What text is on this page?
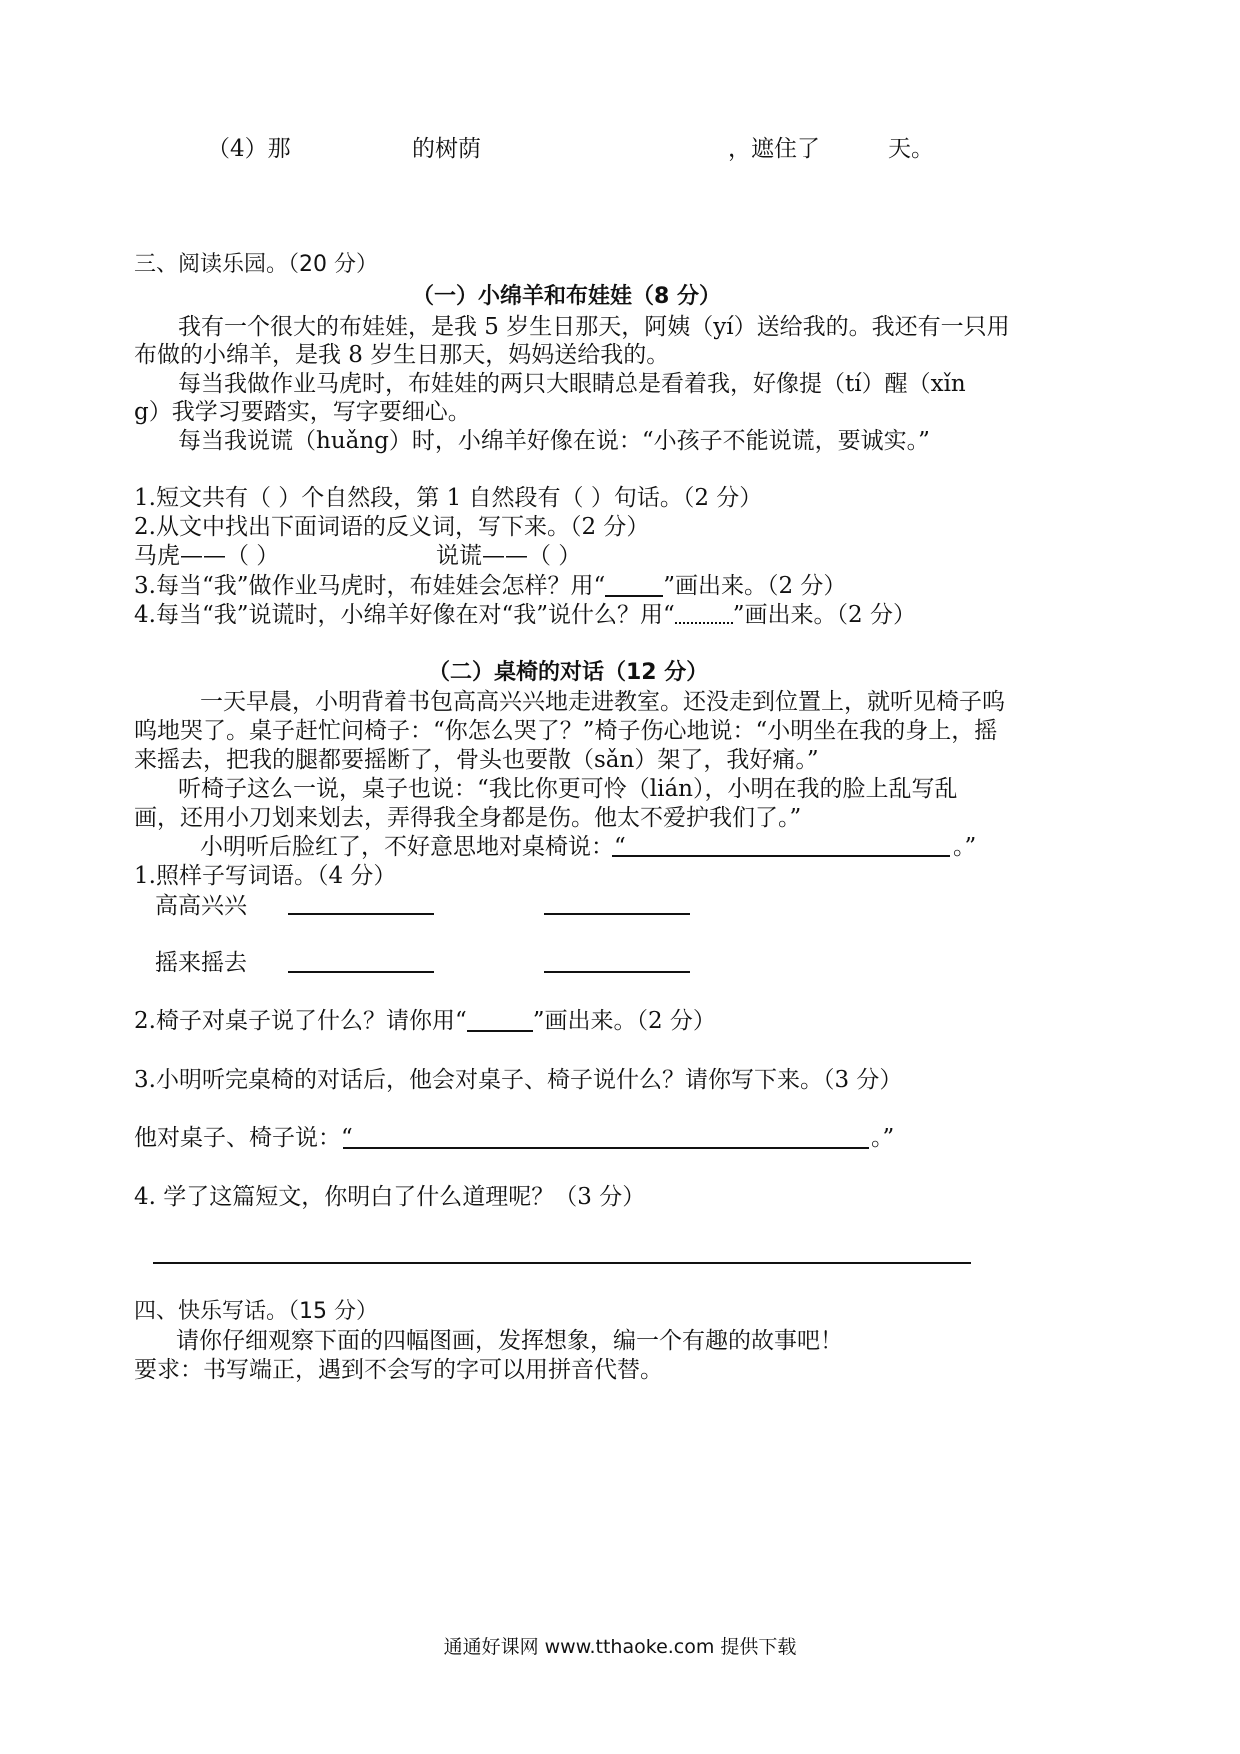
（4）那	的树荫	，遮住了	天。
三、阅读乐园。（20 分）
（一）小绵羊和布娃娃（8 分）
我有一个很大的布娃娃，是我 5 岁生日那天，阿姨（yí）送给我的。我还有一只用
布做的小绵羊，是我 8 岁生日那天，妈妈送给我的。
每当我做作业马虎时，布娃娃的两只大眼睛总是看着我，好像提（tí）醒（xǐn
g）我学习要踏实，写字要细心。
每当我说谎（huǎng）时，小绵羊好像在说：“小孩子不能说谎，要诚实。”
1.短文共有（ ）个自然段，第 1 自然段有（ ）句话。（2 分）
2.从文中找出下面词语的反义词，写下来。（2 分）
马虎——（ ）	说谎——（ ）
3.每当“我”做作业马虎时，布娃娃会怎样？用“	”画出来。（2 分）
4.每当“我”说谎时，小绵羊好像在对“我”说什么？用“	”画出来。（2 分）
（二）桌椅的对话（12 分）
一天早晨，小明背着书包高高兴兴地走进教室。还没走到位置上，就听见椅子呜
呜地哭了。桌子赶忙问椅子：“你怎么哭了？”椅子伤心地说：“小明坐在我的身上，摇
来摇去，把我的腿都要摇断了，骨头也要散（sǎn）架了，我好痛。”
听椅子这么一说，桌子也说：“我比你更可怜（lián），小明在我的脸上乱写乱
画，还用小刀划来划去，弄得我全身都是伤。他太不爱护我们了。”
小明听后脸红了，不好意思地对桌椅说：“	。”
1.照样子写词语。（4 分）
高高兴兴
摇来摇去
2.椅子对桌子说了什么？请你用“	”画出来。（2 分）
3.小明听完桌椅的对话后，他会对桌子、椅子说什么？请你写下来。（3 分）
他对桌子、椅子说：“	。”
4. 学了这篇短文，你明白了什么道理呢？（3 分）
四、快乐写话。（15 分）
请你仔细观察下面的四幅图画，发挥想象，编一个有趣的故事吧！
要求：书写端正，遇到不会写的字可以用拼音代替。
通通好课网 www.tthaoke.com 提供下载
